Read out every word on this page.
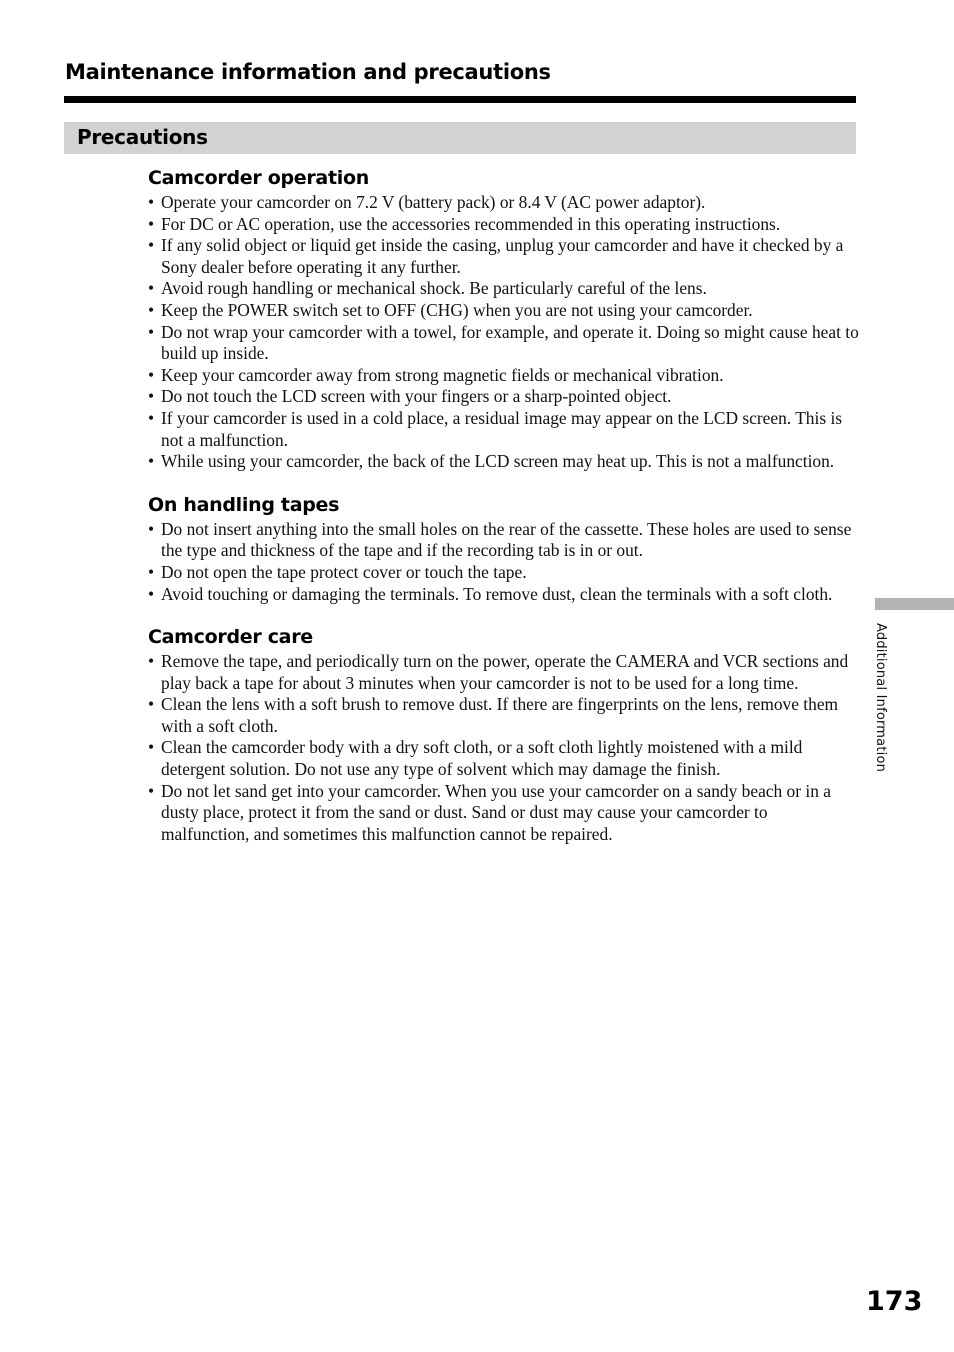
Maintenance information and precautions
Precautions
Camcorder operation
• Operate your camcorder on 7.2 V (battery pack) or 8.4 V (AC power adaptor).
• For DC or AC operation, use the accessories recommended in this operating instructions.
• If any solid object or liquid get inside the casing, unplug your camcorder and have it checked by a Sony dealer before operating it any further.
• Avoid rough handling or mechanical shock. Be particularly careful of the lens.
• Keep the POWER switch set to OFF (CHG) when you are not using your camcorder.
• Do not wrap your camcorder with a towel, for example, and operate it. Doing so might cause heat to build up inside.
• Keep your camcorder away from strong magnetic fields or mechanical vibration.
• Do not touch the LCD screen with your fingers or a sharp-pointed object.
• If your camcorder is used in a cold place, a residual image may appear on the LCD screen. This is not a malfunction.
• While using your camcorder, the back of the LCD screen may heat up. This is not a malfunction.
On handling tapes
• Do not insert anything into the small holes on the rear of the cassette. These holes are used to sense the type and thickness of the tape and if the recording tab is in or out.
• Do not open the tape protect cover or touch the tape.
• Avoid touching or damaging the terminals. To remove dust, clean the terminals with a soft cloth.
Camcorder care
• Remove the tape, and periodically turn on the power, operate the CAMERA and VCR sections and play back a tape for about 3 minutes when your camcorder is not to be used for a long time.
• Clean the lens with a soft brush to remove dust. If there are fingerprints on the lens, remove them with a soft cloth.
• Clean the camcorder body with a dry soft cloth, or a soft cloth lightly moistened with a mild detergent solution. Do not use any type of solvent which may damage the finish.
• Do not let sand get into your camcorder. When you use your camcorder on a sandy beach or in a dusty place, protect it from the sand or dust. Sand or dust may cause your camcorder to malfunction, and sometimes this malfunction cannot be repaired.
Additional Information
173
